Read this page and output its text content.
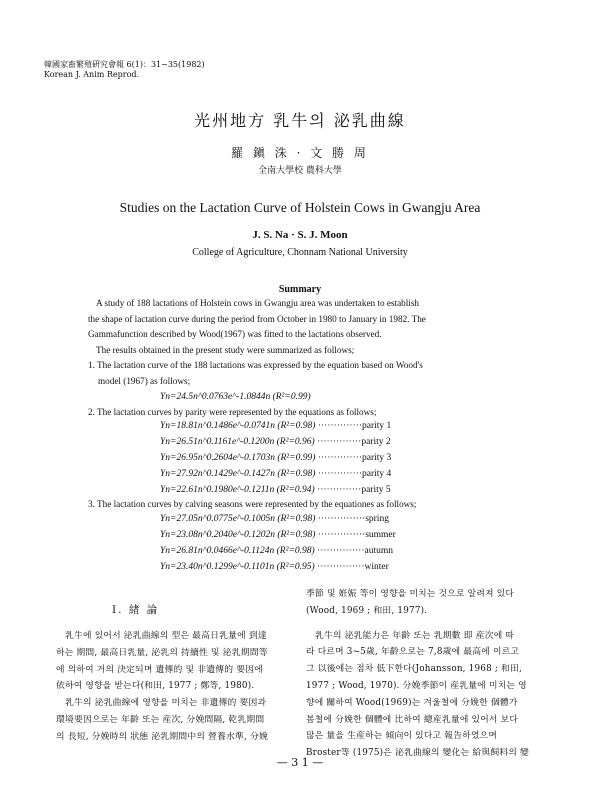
韓國家畜繁殖硏究會報 6(1)：31~35(1982)
Korean J. Anim Reprod.
光州地方 乳牛의 泌乳曲線
羅 鎭 洙 · 文 勝 周
全南大學校 農科大學
Studies on the Lactation Curve of Holstein Cows in Gwangju Area
J. S. Na · S. J. Moon
College of Agriculture, Chonnam National University
Summary
A study of 188 lactations of Holstein cows in Gwangju area was undertaken to establish
the shape of lactation curve during the period from October in 1980 to January in 1982. The
Gammafunction described by Wood(1967) was fitted to the lactations observed.
The results obtained in the present study were summarized as follows;
1. The lactation curve of the 188 lactations was expressed by the equation based on Wood's
model (1967) as follows;
Yn=24.5n^0.0763e^-1.0844n (R²=0.99)
2. The lactation curves by parity were represented by the equations as follows;
Yn=18.81n^0.1486e^-0.0741n (R²=0.98) ··············parity 1
Yn=26.51n^0.1161e^-0.1200n (R²=0.96) ··············parity 2
Yn=26.95n^0.2604e^-0.1703n (R²=0.99) ··············parity 3
Yn=27.92n^0.1429e^-0.1427n (R²=0.98) ··············parity 4
Yn=22.61n^0.1980e^-0.1211n (R²=0.94) ··············parity 5
3. The lactation curves by calving seasons were represented by the equationes as follows;
Yn=27.05n^0.0775e^-0.1005n (R²=0.98) ···············spring
Yn=23.08n^0.2040e^-0.1202n (R²=0.98) ···············summer
Yn=26.81n^0.0466e^-0.1124n (R²=0.98) ···············autumn
Yn=23.40n^0.1299e^-0.1101n (R²=0.95) ···············winter
Ⅰ. 緖 論
乳牛에 있어서 泌乳曲線의 型은 最高日乳量에 到達
하는 期間, 最高日乳量, 泌乳의 持續性 및 泌乳期間等
에 의하여 거의 決定되며 遺傳的 및 非遺傳的 要因에
依하여 영향을 받는다(和田, 1977 ; 鄭等, 1980).
乳牛의 泌乳曲線에 영향을 미치는 非遺傳的 要因과
環境要因으로는 年齡 또는 産次, 分娩間隔, 乾乳期間
의 長短, 分娩時의 狀態 泌乳期間中의 營養水準, 分娩
季節 및 姙娠 等이 영향을 미치는 것으로 알려져 있다
(Wood, 1969 ; 和田, 1977).
乳牛의 泌乳能力은 年齡 또는 乳期數 即 産次에 따
라 다르며 3~5歲, 年齡으로는 7,8歲에 最高에 이르고
그 以後에는 점차 低下한다(Johansson, 1968 ; 和田,
1977 ; Wood, 1970). 分娩季節이 産乳量에 미치는 영
향에 關하여 Wood(1969)는 겨울철에 分娩한 個體가
봄철에 分娩한 個體에 比하여 總産乳量에 있어서 보다
많은 量을 生産하는 傾向이 있다고 報告하였으며
Broster等 (1975)은 泌乳曲線의 變化는 給與飼料의 變
— 3 1 —
